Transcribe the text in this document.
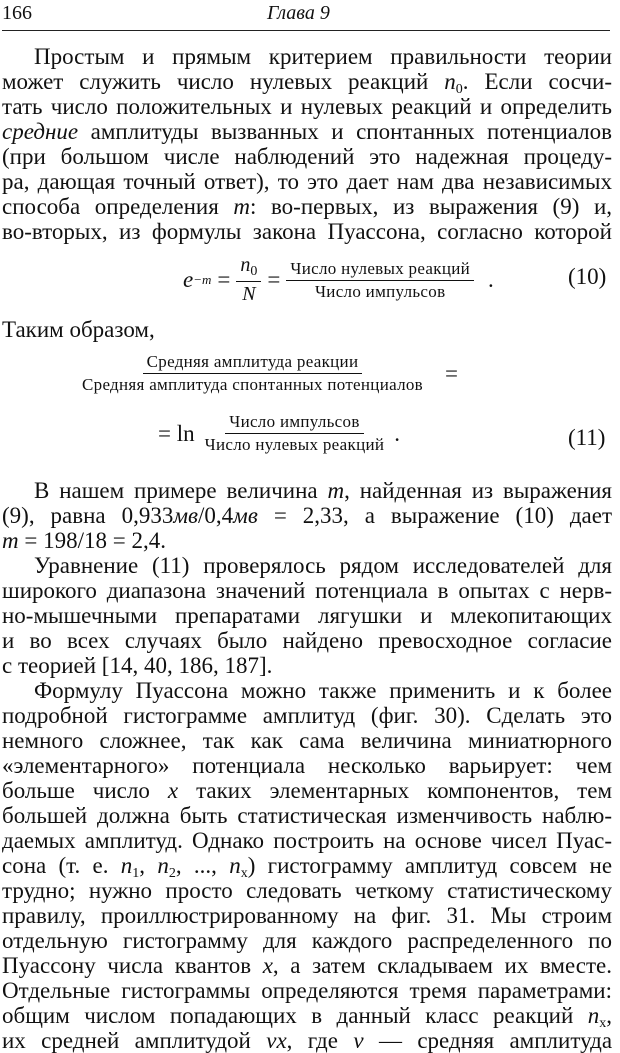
166	Глава 9
Простым и прямым критерием правильности теории
может служить число нулевых реакций $n_0$. Если сосчи-
тать число положительных и нулевых реакций и определить
средние амплитуды вызванных и спонтанных потенциалов
(при большом числе наблюдений это надежная процеду-
ра, дающая точный ответ), то это дает нам два независимых
способа определения m: во-первых, из выражения (9) и,
во-вторых, из формулы закона Пуассона, согласно которой
$e -m = \frac{n_0}{N} = \frac{\text{Число нулевых реакций}}{\text{Число импульсов}}$ .	(10)
Таким образом,
$\frac{\text{Средняя амплитуда реакции}}{\text{Средняя амплитуда спонтанных потенциалов}}$ =
= $\ln \frac{\text{Число импульсов}}{\text{Число нулевых реакций}}$ .	(11)
В нашем примере величина m, найденная из выражения
(9), равна 0,933мв/0,4мв = 2,33, а выражение (10) дает
m = 198/18 = 2,4.
Уравнение (11) проверялось рядом исследователей для
широкого диапазона значений потенциала в опытах с нерв-
но-мышечными препаратами лягушки и млекопитающих
и во всех случаях было найдено превосходное согласие
с теорией [14, 40, 186, 187].
Формулу Пуассона можно также применить и к более
подробной гистограмме амплитуд (фиг. 30). Сделать это
немного сложнее, так как сама величина миниатюрного
«элементарного» потенциала несколько варьирует: чем
больше число x таких элементарных компонентов, тем
большей должна быть статистическая изменчивость наблю-
даемых амплитуд. Однако построить на основе чисел Пуас-
сона (т. е. $n_1$, $n_2$, ..., $n_x$) гистограмму амплитуд совсем не
трудно; нужно просто следовать четкому статистическому
правилу, проиллюстрированному на фиг. 31. Мы строим
отдельную гистограмму для каждого распределенного по
Пуассону числа квантов x, а затем складываем их вместе.
Отдельные гистограммы определяются тремя параметрами:
общим числом попадающих в данный класс реакций $n_x$,
их средней амплитудой vx, где v — средняя амплитуда
